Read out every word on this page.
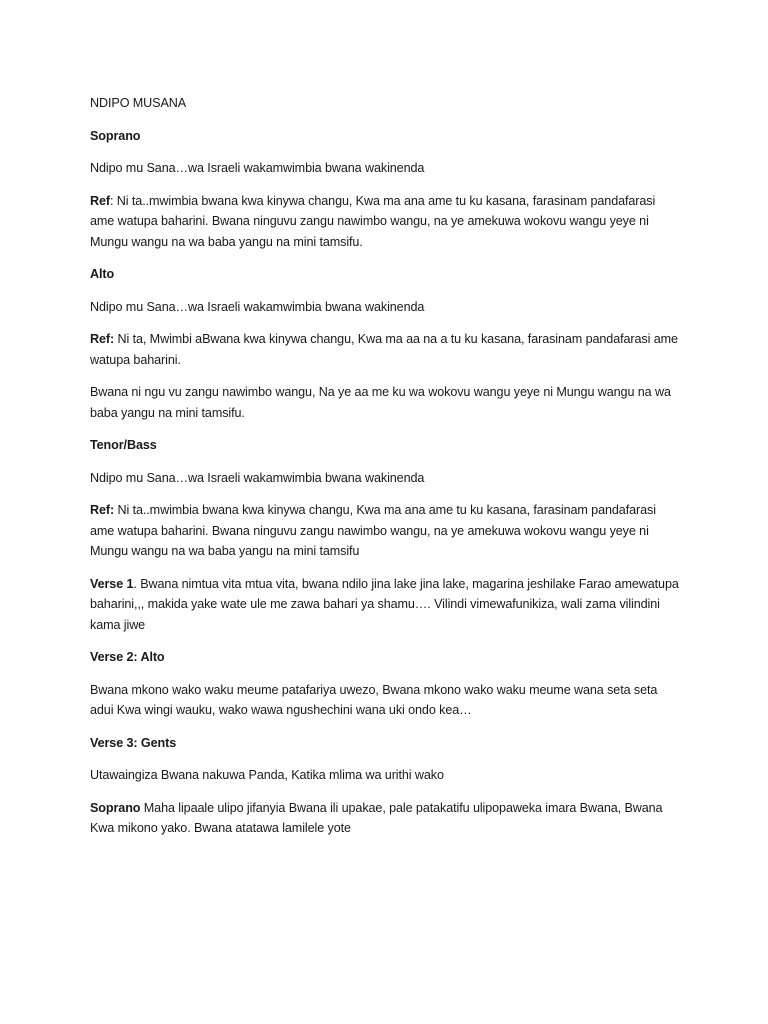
NDIPO MUSANA

Soprano

Ndipo mu Sana…wa Israeli wakamwimbia bwana wakinenda

Ref: Ni ta..mwimbia bwana kwa kinywa changu, Kwa ma ana ame tu ku kasana, farasinam pandafarasi ame watupa baharini. Bwana ninguvu zangu nawimbo wangu, na ye amekuwa wokovu wangu yeye ni Mungu wangu na wa baba yangu na mini tamsifu.

Alto

Ndipo mu Sana…wa Israeli wakamwimbia bwana wakinenda

Ref: Ni ta, Mwimbi aBwana kwa kinywa changu, Kwa ma aa na a tu ku kasana, farasinam pandafarasi ame watupa baharini.

Bwana ni ngu vu zangu nawimbo wangu, Na ye aa me ku wa wokovu wangu yeye ni Mungu wangu na wa baba yangu na mini tamsifu.

Tenor/Bass

Ndipo mu Sana…wa Israeli wakamwimbia bwana wakinenda

Ref: Ni ta..mwimbia bwana kwa kinywa changu, Kwa ma ana ame tu ku kasana, farasinam pandafarasi ame watupa baharini. Bwana ninguvu zangu nawimbo wangu, na ye amekuwa wokovu wangu yeye ni Mungu wangu na wa baba yangu na mini tamsifu

Verse 1. Bwana nimtua vita mtua vita, bwana ndilo jina lake jina lake, magarina jeshilake Farao amewatupa baharini,,, makida yake wate ule me zawa bahari ya shamu…. Vilindi vimewafunikiza, wali zama vilindini kama jiwe

Verse 2: Alto

Bwana mkono wako waku meume patafariya uwezo, Bwana mkono wako waku meume wana seta seta adui Kwa wingi wauku, wako wawa ngushechini wana uki ondo kea…

Verse 3: Gents

Utawaingiza Bwana nakuwa Panda, Katika mlima wa urithi wako

Soprano Maha lipaale ulipo jifanyia Bwana ili upakae, pale patakatifu ulipopaweka imara Bwana, Bwana Kwa mikono yako. Bwana atatawa lamilele yote
